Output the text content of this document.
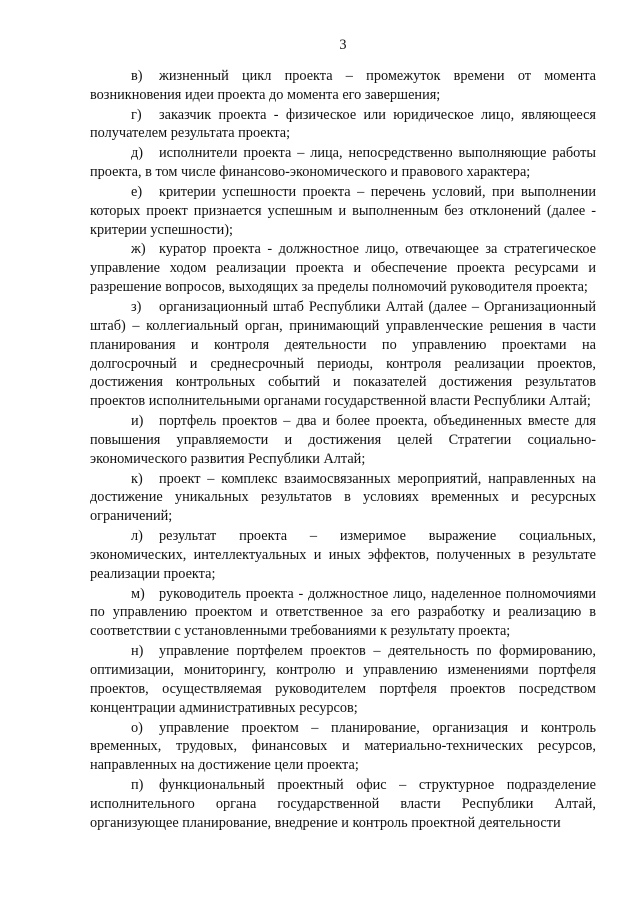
3

в) жизненный цикл проекта – промежуток времени от момента возникновения идеи проекта до момента его завершения;

г) заказчик проекта - физическое или юридическое лицо, являющееся получателем результата проекта;

д) исполнители проекта – лица, непосредственно выполняющие работы проекта, в том числе финансово-экономического и правового характера;

е) критерии успешности проекта – перечень условий, при выполнении которых проект признается успешным и выполненным без отклонений (далее - критерии успешности);

ж) куратор проекта - должностное лицо, отвечающее за стратегическое управление ходом реализации проекта и обеспечение проекта ресурсами и разрешение вопросов, выходящих за пределы полномочий руководителя проекта;

з) организационный штаб Республики Алтай (далее – Организационный штаб) – коллегиальный орган, принимающий управленческие решения в части планирования и контроля деятельности по управлению проектами на долгосрочный и среднесрочный периоды, контроля реализации проектов, достижения контрольных событий и показателей достижения результатов проектов исполнительными органами государственной власти Республики Алтай;

и) портфель проектов – два и более проекта, объединенных вместе для повышения управляемости и достижения целей Стратегии социально-экономического развития Республики Алтай;

к) проект – комплекс взаимосвязанных мероприятий, направленных на достижение уникальных результатов в условиях временных и ресурсных ограничений;

л) результат проекта – измеримое выражение социальных, экономических, интеллектуальных и иных эффектов, полученных в результате реализации проекта;

м) руководитель проекта - должностное лицо, наделенное полномочиями по управлению проектом и ответственное за его разработку и реализацию в соответствии с установленными требованиями к результату проекта;

н) управление портфелем проектов – деятельность по формированию, оптимизации, мониторингу, контролю и управлению изменениями портфеля проектов, осуществляемая руководителем портфеля проектов посредством концентрации административных ресурсов;

о) управление проектом – планирование, организация и контроль временных, трудовых, финансовых и материально-технических ресурсов, направленных на достижение цели проекта;

п) функциональный проектный офис – структурное подразделение исполнительного органа государственной власти Республики Алтай, организующее планирование, внедрение и контроль проектной деятельности
